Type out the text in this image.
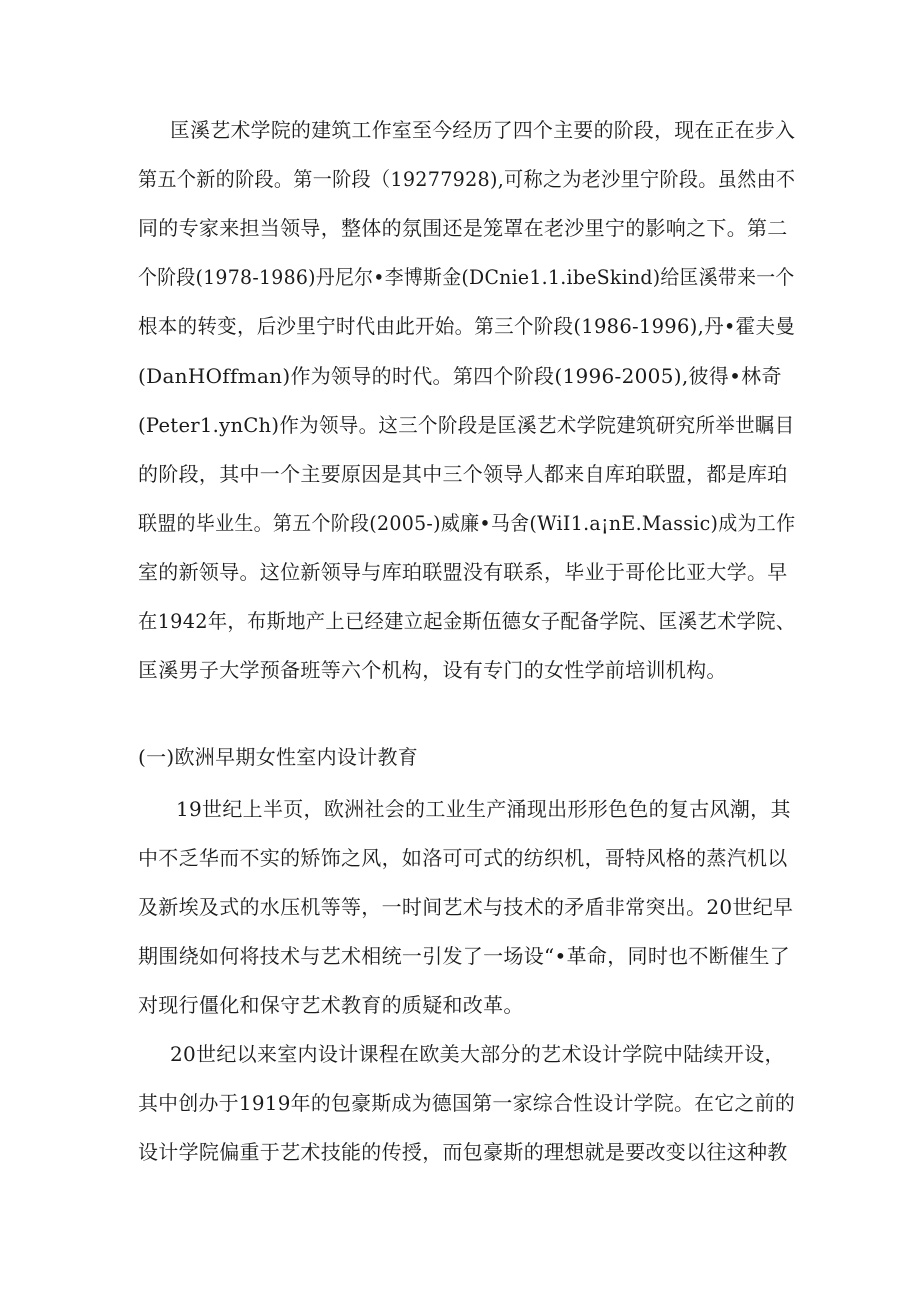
匡溪艺术学院的建筑工作室至今经历了四个主要的阶段，现在正在步入
第五个新的阶段。第一阶段（19277928),可称之为老沙里宁阶段。虽然由不
同的专家来担当领导，整体的氛围还是笼罩在老沙里宁的影响之下。第二
个阶段(1978-1986)丹尼尔•李博斯金(DCnie1.1.ibeSkind)给匡溪带来一个
根本的转变，后沙里宁时代由此开始。第三个阶段(1986-1996),丹•霍夫曼
(DanHOffman)作为领导的时代。第四个阶段(1996-2005),彼得•林奇
(Peter1.ynCh)作为领导。这三个阶段是匡溪艺术学院建筑研究所举世瞩目
的阶段，其中一个主要原因是其中三个领导人都来自库珀联盟，都是库珀
联盟的毕业生。第五个阶段(2005-)威廉•马舍(WiI1.a¡nE.Massic)成为工作
室的新领导。这位新领导与库珀联盟没有联系，毕业于哥伦比亚大学。早
在1942年，布斯地产上已经建立起金斯伍德女子配备学院、匡溪艺术学院、
匡溪男子大学预备班等六个机构，设有专门的女性学前培训机构。
(一)欧洲早期女性室内设计教育
19世纪上半页，欧洲社会的工业生产涌现出形形色色的复古风潮，其
中不乏华而不实的矫饰之风，如洛可可式的纺织机，哥特风格的蒸汽机以
及新埃及式的水压机等等，一时间艺术与技术的矛盾非常突出。20世纪早
期围绕如何将技术与艺术相统一引发了一场设“•革命，同时也不断催生了
对现行僵化和保守艺术教育的质疑和改革。
20世纪以来室内设计课程在欧美大部分的艺术设计学院中陆续开设，
其中创办于1919年的包豪斯成为德国第一家综合性设计学院。在它之前的
设计学院偏重于艺术技能的传授，而包豪斯的理想就是要改变以往这种教
